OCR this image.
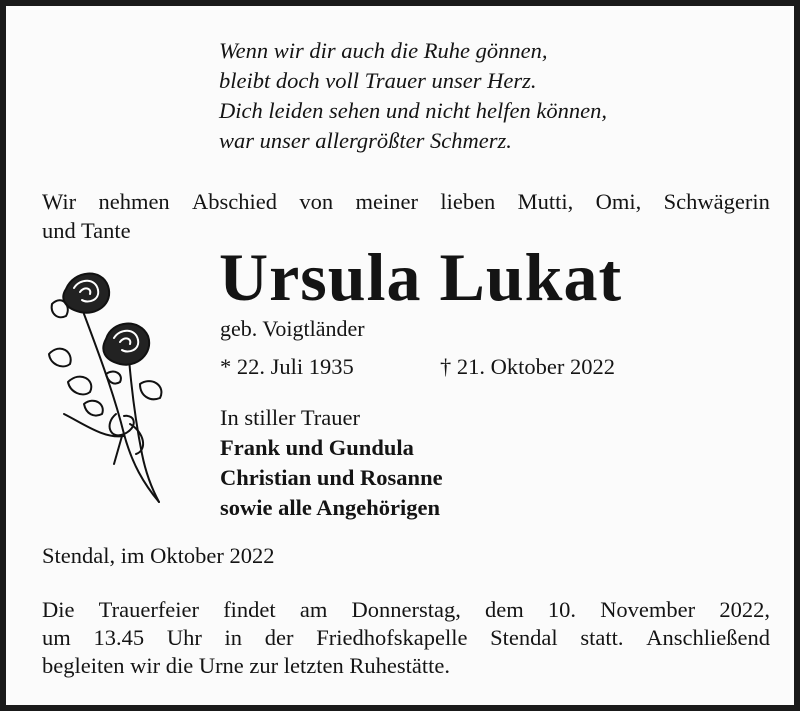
Wenn wir dir auch die Ruhe gönnen,
bleibt doch voll Trauer unser Herz.
Dich leiden sehen und nicht helfen können,
war unser allergrößter Schmerz.
Wir nehmen Abschied von meiner lieben Mutti, Omi, Schwägerin
und Tante
Ursula Lukat
geb. Voigtländer
* 22. Juli 1935	† 21. Oktober 2022
In stiller Trauer
Frank und Gundula
Christian und Rosanne
sowie alle Angehörigen
Stendal, im Oktober 2022
Die Trauerfeier findet am Donnerstag, dem 10. November 2022,
um 13.45 Uhr in der Friedhofskapelle Stendal statt. Anschließend
begleiten wir die Urne zur letzten Ruhestätte.
